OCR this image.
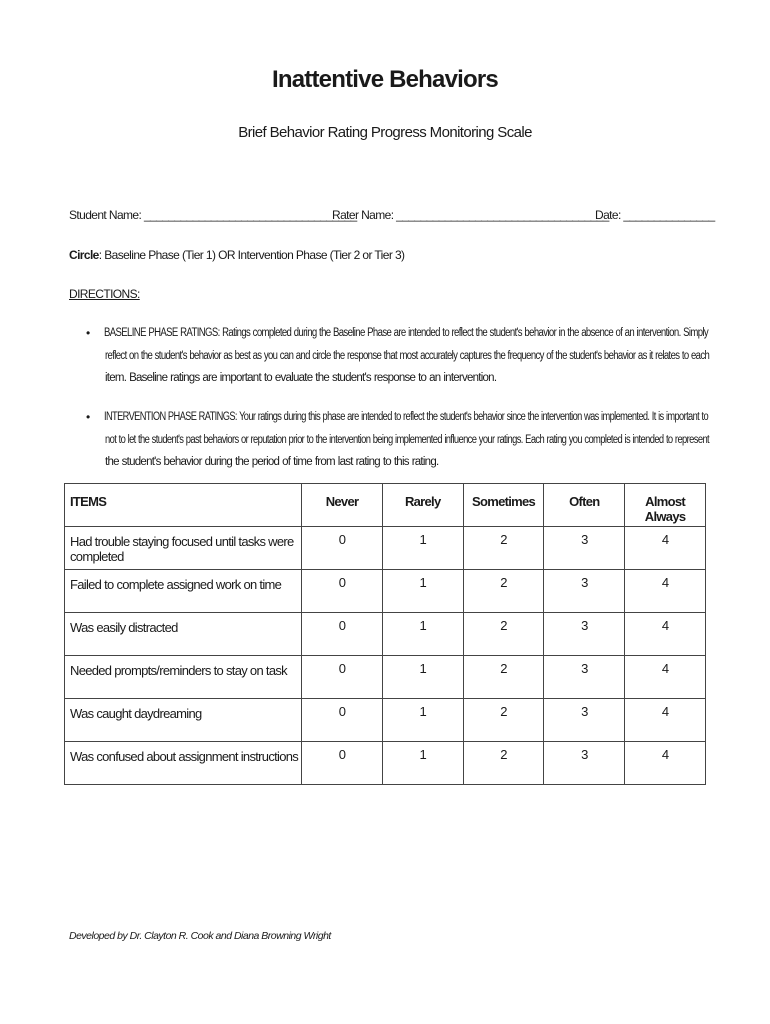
Inattentive Behaviors
Brief Behavior Rating Progress Monitoring Scale
Student Name: ___________________________________
Rater Name: ___________________________________
Date: _______________
Circle: Baseline Phase (Tier 1) OR Intervention Phase (Tier 2 or Tier 3)
DIRECTIONS:
• BASELINE PHASE RATINGS: Ratings completed during the Baseline Phase are intended to reflect the student's behavior in the absence of an intervention. Simply
reflect on the student's behavior as best as you can and circle the response that most accurately captures the frequency of the student's behavior as it relates to each
item. Baseline ratings are important to evaluate the student's response to an intervention.
• INTERVENTION PHASE RATINGS: Your ratings during this phase are intended to reflect the student's behavior since the intervention was implemented. It is important to
not to let the student's past behaviors or reputation prior to the intervention being implemented influence your ratings. Each rating you completed is intended to represent
the student's behavior during the period of time from last rating to this rating.
ITEMS	Never	Rarely	Sometimes	Often	Almost Always
Had trouble staying focused until tasks were completed	0	1	2	3	4
Failed to complete assigned work on time	0	1	2	3	4
Was easily distracted	0	1	2	3	4
Needed prompts/reminders to stay on task	0	1	2	3	4
Was caught daydreaming	0	1	2	3	4
Was confused about assignment instructions	0	1	2	3	4
Developed by Dr. Clayton R. Cook and Diana Browning Wright
